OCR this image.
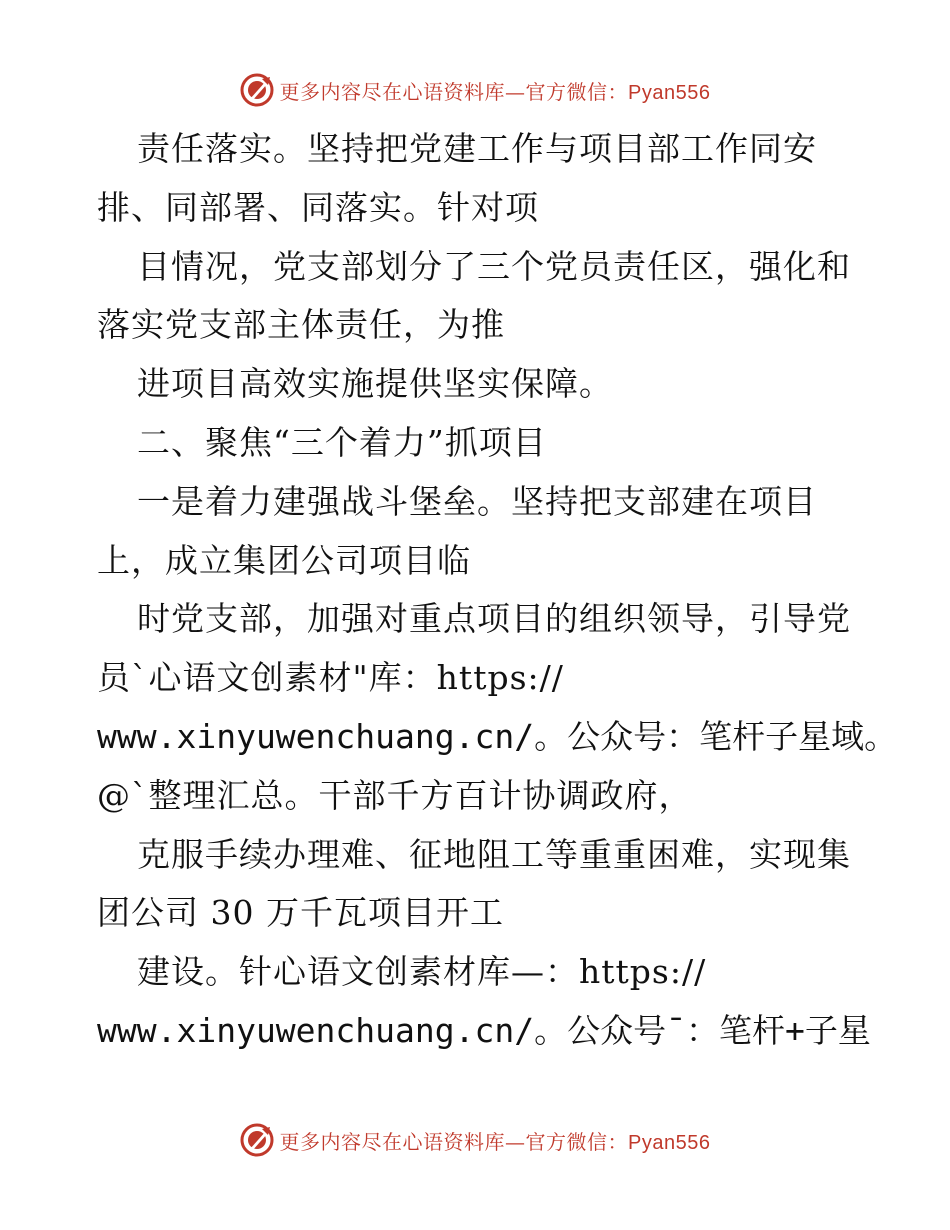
更多内容尽在心语资料库—官方微信：Pyan556
责任落实。坚持把党建工作与项目部工作同安
排、同部署、同落实。针对项
目情况，党支部划分了三个党员责任区，强化和
落实党支部主体责任，为推
进项目高效实施提供坚实保障。
二、聚焦“三个着力”抓项目
一是着力建强战斗堡垒。坚持把支部建在项目
上，成立集团公司项目临
时党支部，加强对重点项目的组织领导，引导党
员`心语文创素材"库：https://
www.xinyuwenchuang.cn/。公众号：笔杆子星域。
@`整理汇总。干部千方百计协调政府，
克服手续办理难、征地阻工等重重困难，实现集
团公司 30 万千瓦项目开工
建设。针心语文创素材库—：https://
www.xinyuwenchuang.cn/。公众号¯：笔杆+子星
更多内容尽在心语资料库—官方微信：Pyan556
